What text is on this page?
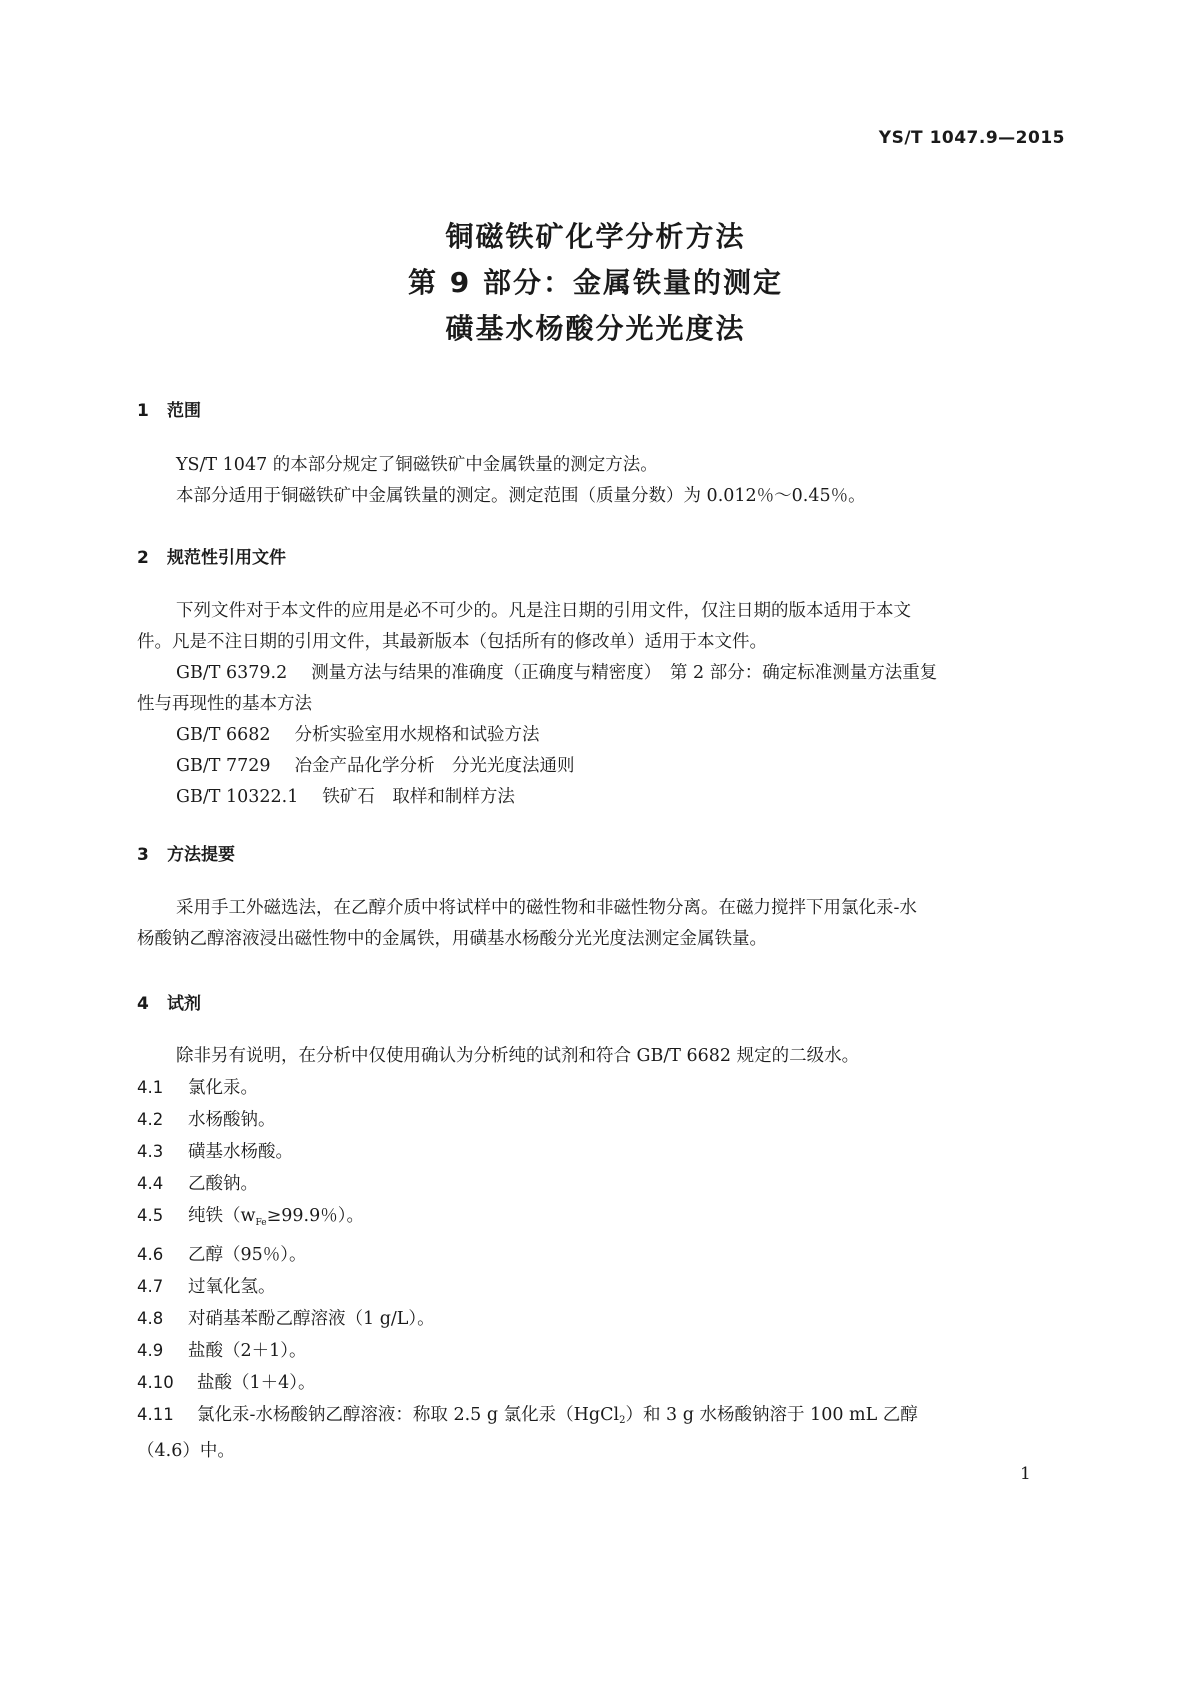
YS/T 1047.9—2015
铜磁铁矿化学分析方法
第 9 部分：金属铁量的测定
磺基水杨酸分光光度法
1 范围
YS/T 1047 的本部分规定了铜磁铁矿中金属铁量的测定方法。
本部分适用于铜磁铁矿中金属铁量的测定。测定范围（质量分数）为 0.012％～0.45％。
2 规范性引用文件
下列文件对于本文件的应用是必不可少的。凡是注日期的引用文件，仅注日期的版本适用于本文
件。凡是不注日期的引用文件，其最新版本（包括所有的修改单）适用于本文件。
GB/T 6379.2 测量方法与结果的准确度（正确度与精密度）　第 2 部分：确定标准测量方法重复
性与再现性的基本方法
GB/T 6682 分析实验室用水规格和试验方法
GB/T 7729 冶金产品化学分析　分光光度法通则
GB/T 10322.1 铁矿石　取样和制样方法
3 方法提要
采用手工外磁选法，在乙醇介质中将试样中的磁性物和非磁性物分离。在磁力搅拌下用氯化汞-水
杨酸钠乙醇溶液浸出磁性物中的金属铁，用磺基水杨酸分光光度法测定金属铁量。
4 试剂
除非另有说明，在分析中仅使用确认为分析纯的试剂和符合 GB/T 6682 规定的二级水。
4.1 氯化汞。
4.2 水杨酸钠。
4.3 磺基水杨酸。
4.4 乙酸钠。
4.5 纯铁（$w_{Fe}\ge 99.9$％）。
4.6 乙醇（95％）。
4.7 过氧化氢。
4.8 对硝基苯酚乙醇溶液（1 g/L）。
4.9 盐酸（2＋1）。
4.10 盐酸（1＋4）。
4.11 氯化汞-水杨酸钠乙醇溶液：称取 2.5 g 氯化汞（HgCl$_2$）和 3 g 水杨酸钠溶于 100 mL 乙醇
（4.6）中。
1
